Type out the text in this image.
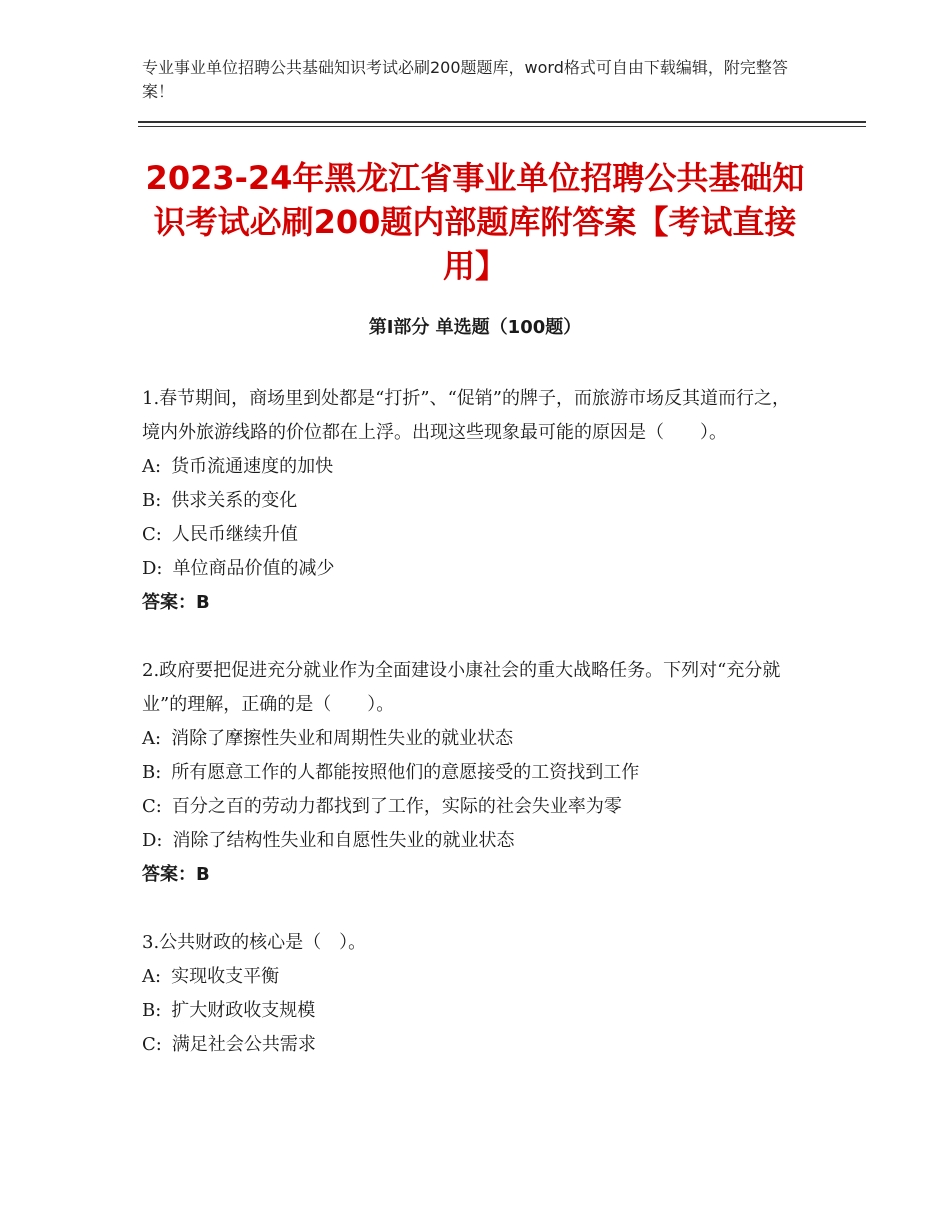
专业事业单位招聘公共基础知识考试必刷200题题库，word格式可自由下载编辑，附完整答案！
2023-24年黑龙江省事业单位招聘公共基础知识考试必刷200题内部题库附答案【考试直接用】
第Ⅰ部分 单选题（100题）

1.春节期间，商场里到处都是“打折”、“促销”的牌子，而旅游市场反其道而行之，境内外旅游线路的价位都在上浮。出现这些现象最可能的原因是（　　）。

A: 货币流通速度的加快

B: 供求关系的变化

C: 人民币继续升值

D: 单位商品价值的减少

答案：B

2.政府要把促进充分就业作为全面建设小康社会的重大战略任务。下列对“充分就业”的理解，正确的是（　　）。

A: 消除了摩擦性失业和周期性失业的就业状态

B: 所有愿意工作的人都能按照他们的意愿接受的工资找到工作

C: 百分之百的劳动力都找到了工作，实际的社会失业率为零

D: 消除了结构性失业和自愿性失业的就业状态

答案：B

3.公共财政的核心是（　）。

A: 实现收支平衡

B: 扩大财政收支规模

C: 满足社会公共需求
